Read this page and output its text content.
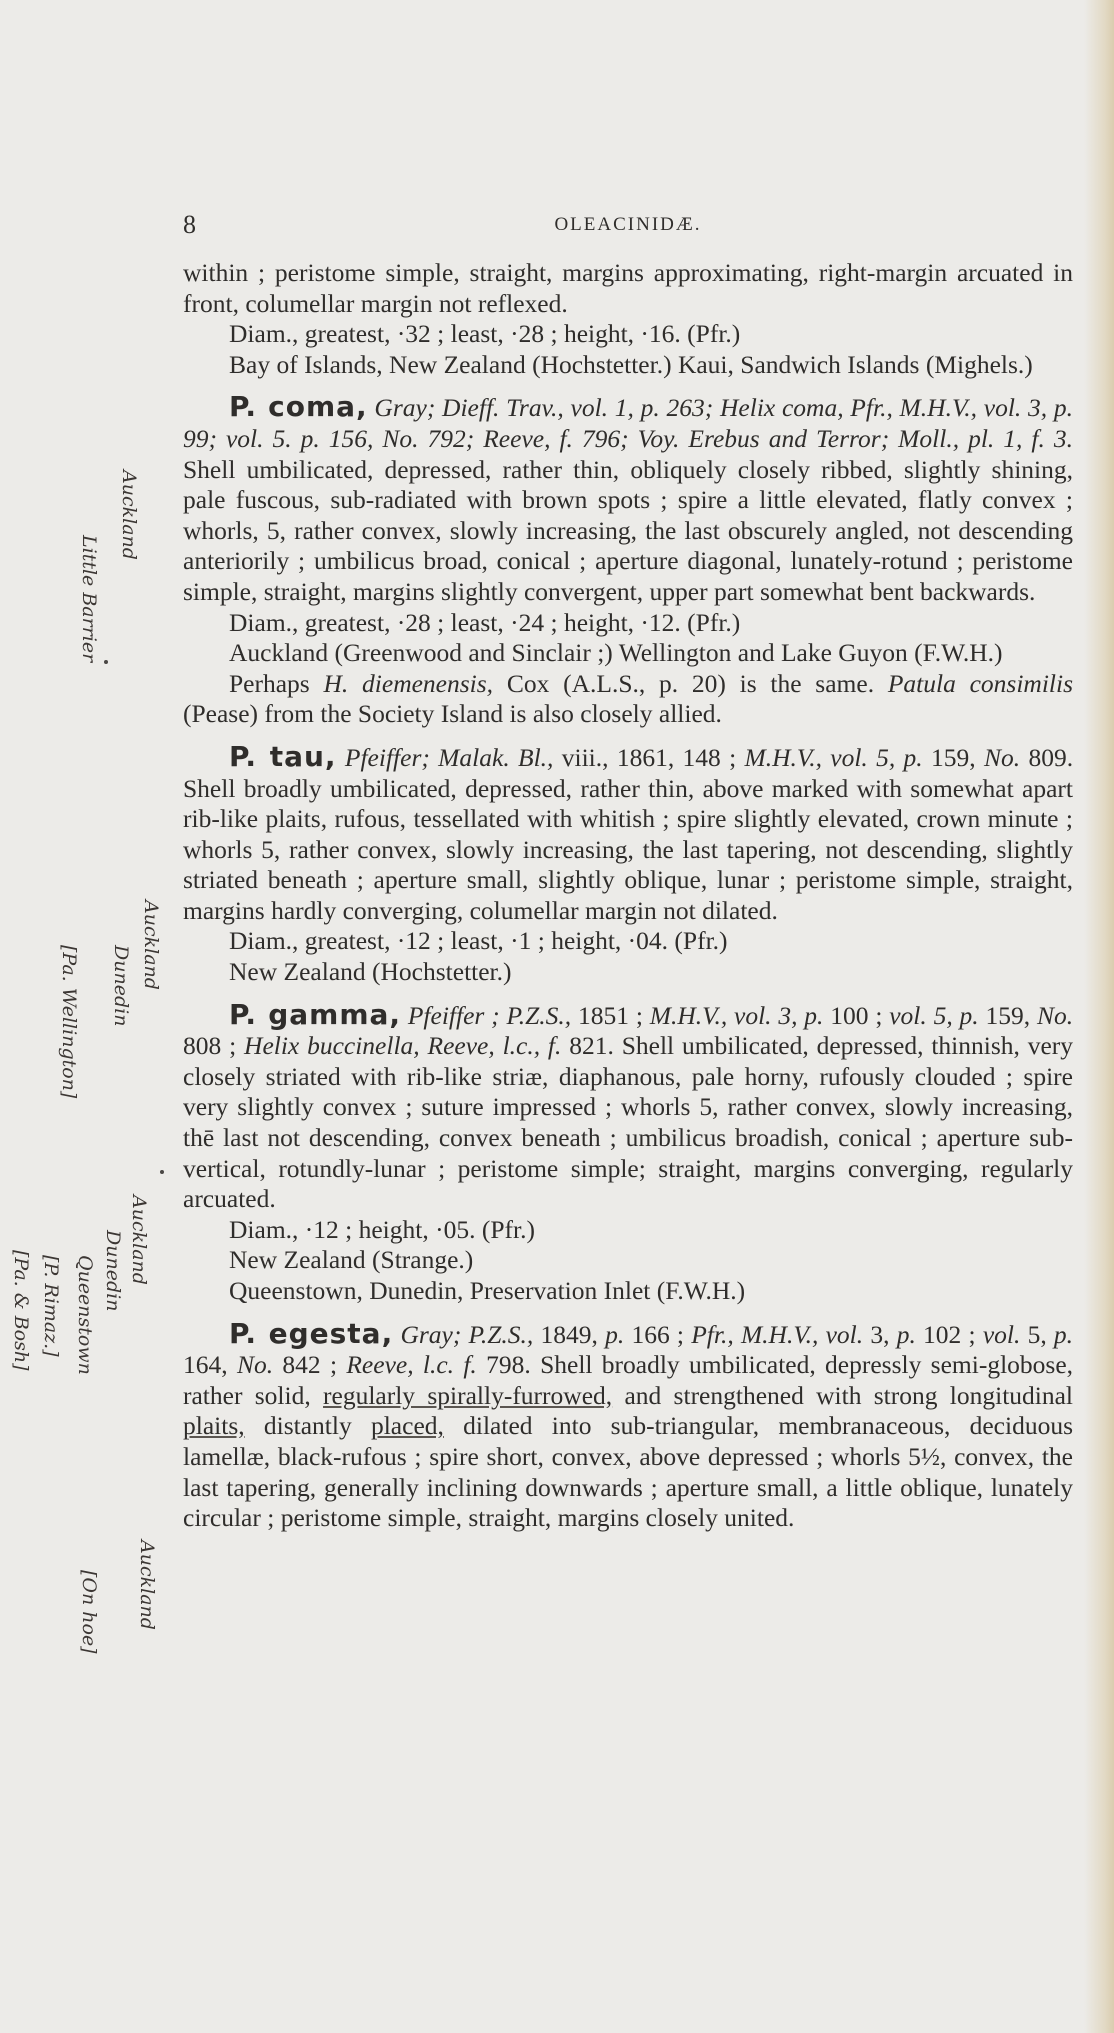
8	OLEACINIDÆ.

within ; peristome simple, straight, margins approximating, right-margin arcuated in front, columellar margin not reflexed.

Diam., greatest, ·32 ; least, ·28 ; height, ·16. (Pfr.)

Bay of Islands, New Zealand (Hochstetter.) Kaui, Sandwich Islands (Mighels.)

P. coma, Gray; Dieff. Trav., vol. 1, p. 263; Helix coma, Pfr., M.H.V., vol. 3, p. 99; vol. 5. p. 156, No. 792; Reeve, f. 796; Voy. Erebus and Terror; Moll., pl. 1, f. 3. Shell umbilicated, depressed, rather thin, obliquely closely ribbed, slightly shining, pale fuscous, sub-radiated with brown spots ; spire a little elevated, flatly convex ; whorls, 5, rather convex, slowly increasing, the last obscurely angled, not descending anteriorily ; umbilicus broad, conical ; aperture diagonal, lunately-rotund ; peristome simple, straight, margins slightly convergent, upper part somewhat bent backwards.

Diam., greatest, ·28 ; least, ·24 ; height, ·12. (Pfr.)

Auckland (Greenwood and Sinclair ;) Wellington and Lake Guyon (F.W.H.)

Perhaps H. diemenensis, Cox (A.L.S., p. 20) is the same. Patula consimilis (Pease) from the Society Island is also closely allied.

P. tau, Pfeiffer; Malak. Bl., viii., 1861, 148 ; M.H.V., vol. 5, p. 159, No. 809. Shell broadly umbilicated, depressed, rather thin, above marked with somewhat apart rib-like plaits, rufous, tessellated with whitish ; spire slightly elevated, crown minute ; whorls 5, rather convex, slowly increasing, the last tapering, not descending, slightly striated beneath ; aperture small, slightly oblique, lunar ; peristome simple, straight, margins hardly converging, columellar margin not dilated.

Diam., greatest, ·12 ; least, ·1 ; height, ·04. (Pfr.)

New Zealand (Hochstetter.)

P. gamma, Pfeiffer ; P.Z.S., 1851 ; M.H.V., vol. 3, p. 100 ; vol. 5, p. 159, No. 808 ; Helix buccinella, Reeve, l.c., f. 821. Shell umbilicated, depressed, thinnish, very closely striated with rib-like striæ, diaphanous, pale horny, rufously clouded ; spire very slightly convex ; suture impressed ; whorls 5, rather convex, slowly increasing, thē last not descending, convex beneath ; umbilicus broadish, conical ; aperture sub-vertical, rotundly-lunar ; peristome simple; straight, margins converging, regularly arcuated.

Diam., ·12 ; height, ·05. (Pfr.)

New Zealand (Strange.)

Queenstown, Dunedin, Preservation Inlet (F.W.H.)

P. egesta, Gray; P.Z.S., 1849, p. 166 ; Pfr., M.H.V., vol. 3, p. 102 ; vol. 5, p. 164, No. 842 ; Reeve, l.c. f. 798. Shell broadly umbilicated, depressly semi-globose, rather solid, regularly spirally-furrowed, and strengthened with strong longitudinal plaits, distantly placed, dilated into sub-triangular, membranaceous, deciduous lamellæ, black-rufous ; spire short, convex, above depressed ; whorls 5½, convex, the last tapering, generally inclining downwards ; aperture small, a little oblique, lunately circular ; peristome simple, straight, margins closely united.

Auckland
Little Barrier
Auckland
Dunedin
[Pa. Wellington]
Auckland
Dunedin
Queenstown
[P. Rimaz.]
[Pa. & Bosh]
Auckland
[On hoe]
